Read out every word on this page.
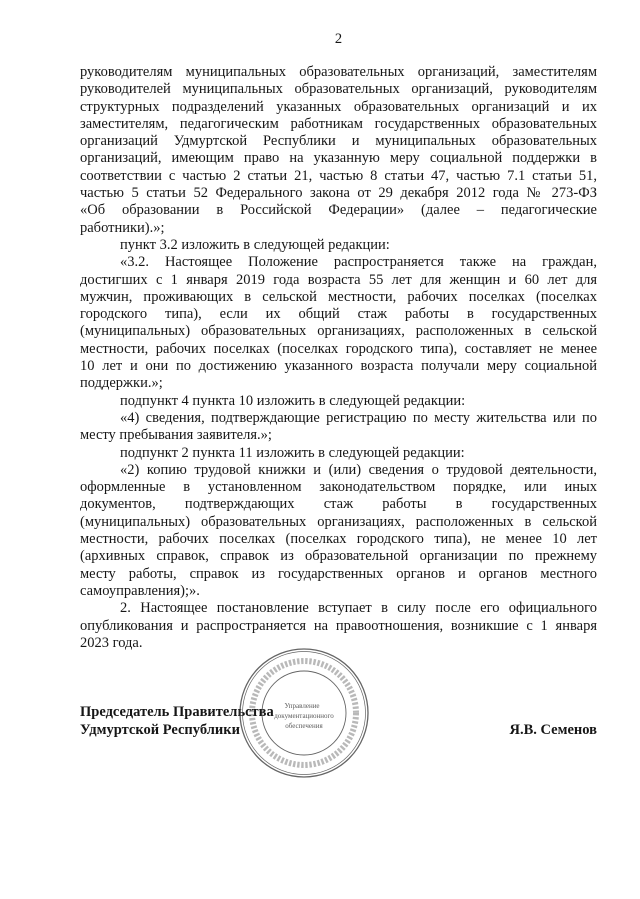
2
руководителям муниципальных образовательных организаций, заместителям
руководителей муниципальных образовательных организаций, руководителям
структурных подразделений указанных образовательных организаций и их
заместителям, педагогическим работникам государственных образовательных
организаций Удмуртской Республики и муниципальных образовательных
организаций, имеющим право на указанную меру социальной поддержки в
соответствии с частью 2 статьи 21, частью 8 статьи 47, частью 7.1 статьи 51,
частью 5 статьи 52 Федерального закона от 29 декабря 2012 года № 273-ФЗ
«Об образовании в Российской Федерации» (далее – педагогические
работники).»;
пункт 3.2 изложить в следующей редакции:
«3.2. Настоящее Положение распространяется также на граждан,
достигших с 1 января 2019 года возраста 55 лет для женщин и 60 лет для
мужчин, проживающих в сельской местности, рабочих поселках (поселках
городского типа), если их общий стаж работы в государственных
(муниципальных) образовательных организациях, расположенных в сельской
местности, рабочих поселках (поселках городского типа), составляет не менее
10 лет и они по достижению указанного возраста получали меру социальной
поддержки.»;
подпункт 4 пункта 10 изложить в следующей редакции:
«4) сведения, подтверждающие регистрацию по месту жительства или по
месту пребывания заявителя.»;
подпункт 2 пункта 11 изложить в следующей редакции:
«2) копию трудовой книжки и (или) сведения о трудовой деятельности,
оформленные в установленном законодательством порядке, или иных
документов, подтверждающих стаж работы в государственных
(муниципальных) образовательных организациях, расположенных в сельской
местности, рабочих поселках (поселках городского типа), не менее 10 лет
(архивных справок, справок из образовательной организации по прежнему
месту работы, справок из государственных органов и органов местного
самоуправления);».
2. Настоящее постановление вступает в силу после его официального
опубликования и распространяется на правоотношения, возникшие с 1 января
2023 года.
Председатель Правительства
Удмуртской Республики	Я.В. Семенов
Управление
документационного
обеспечения
